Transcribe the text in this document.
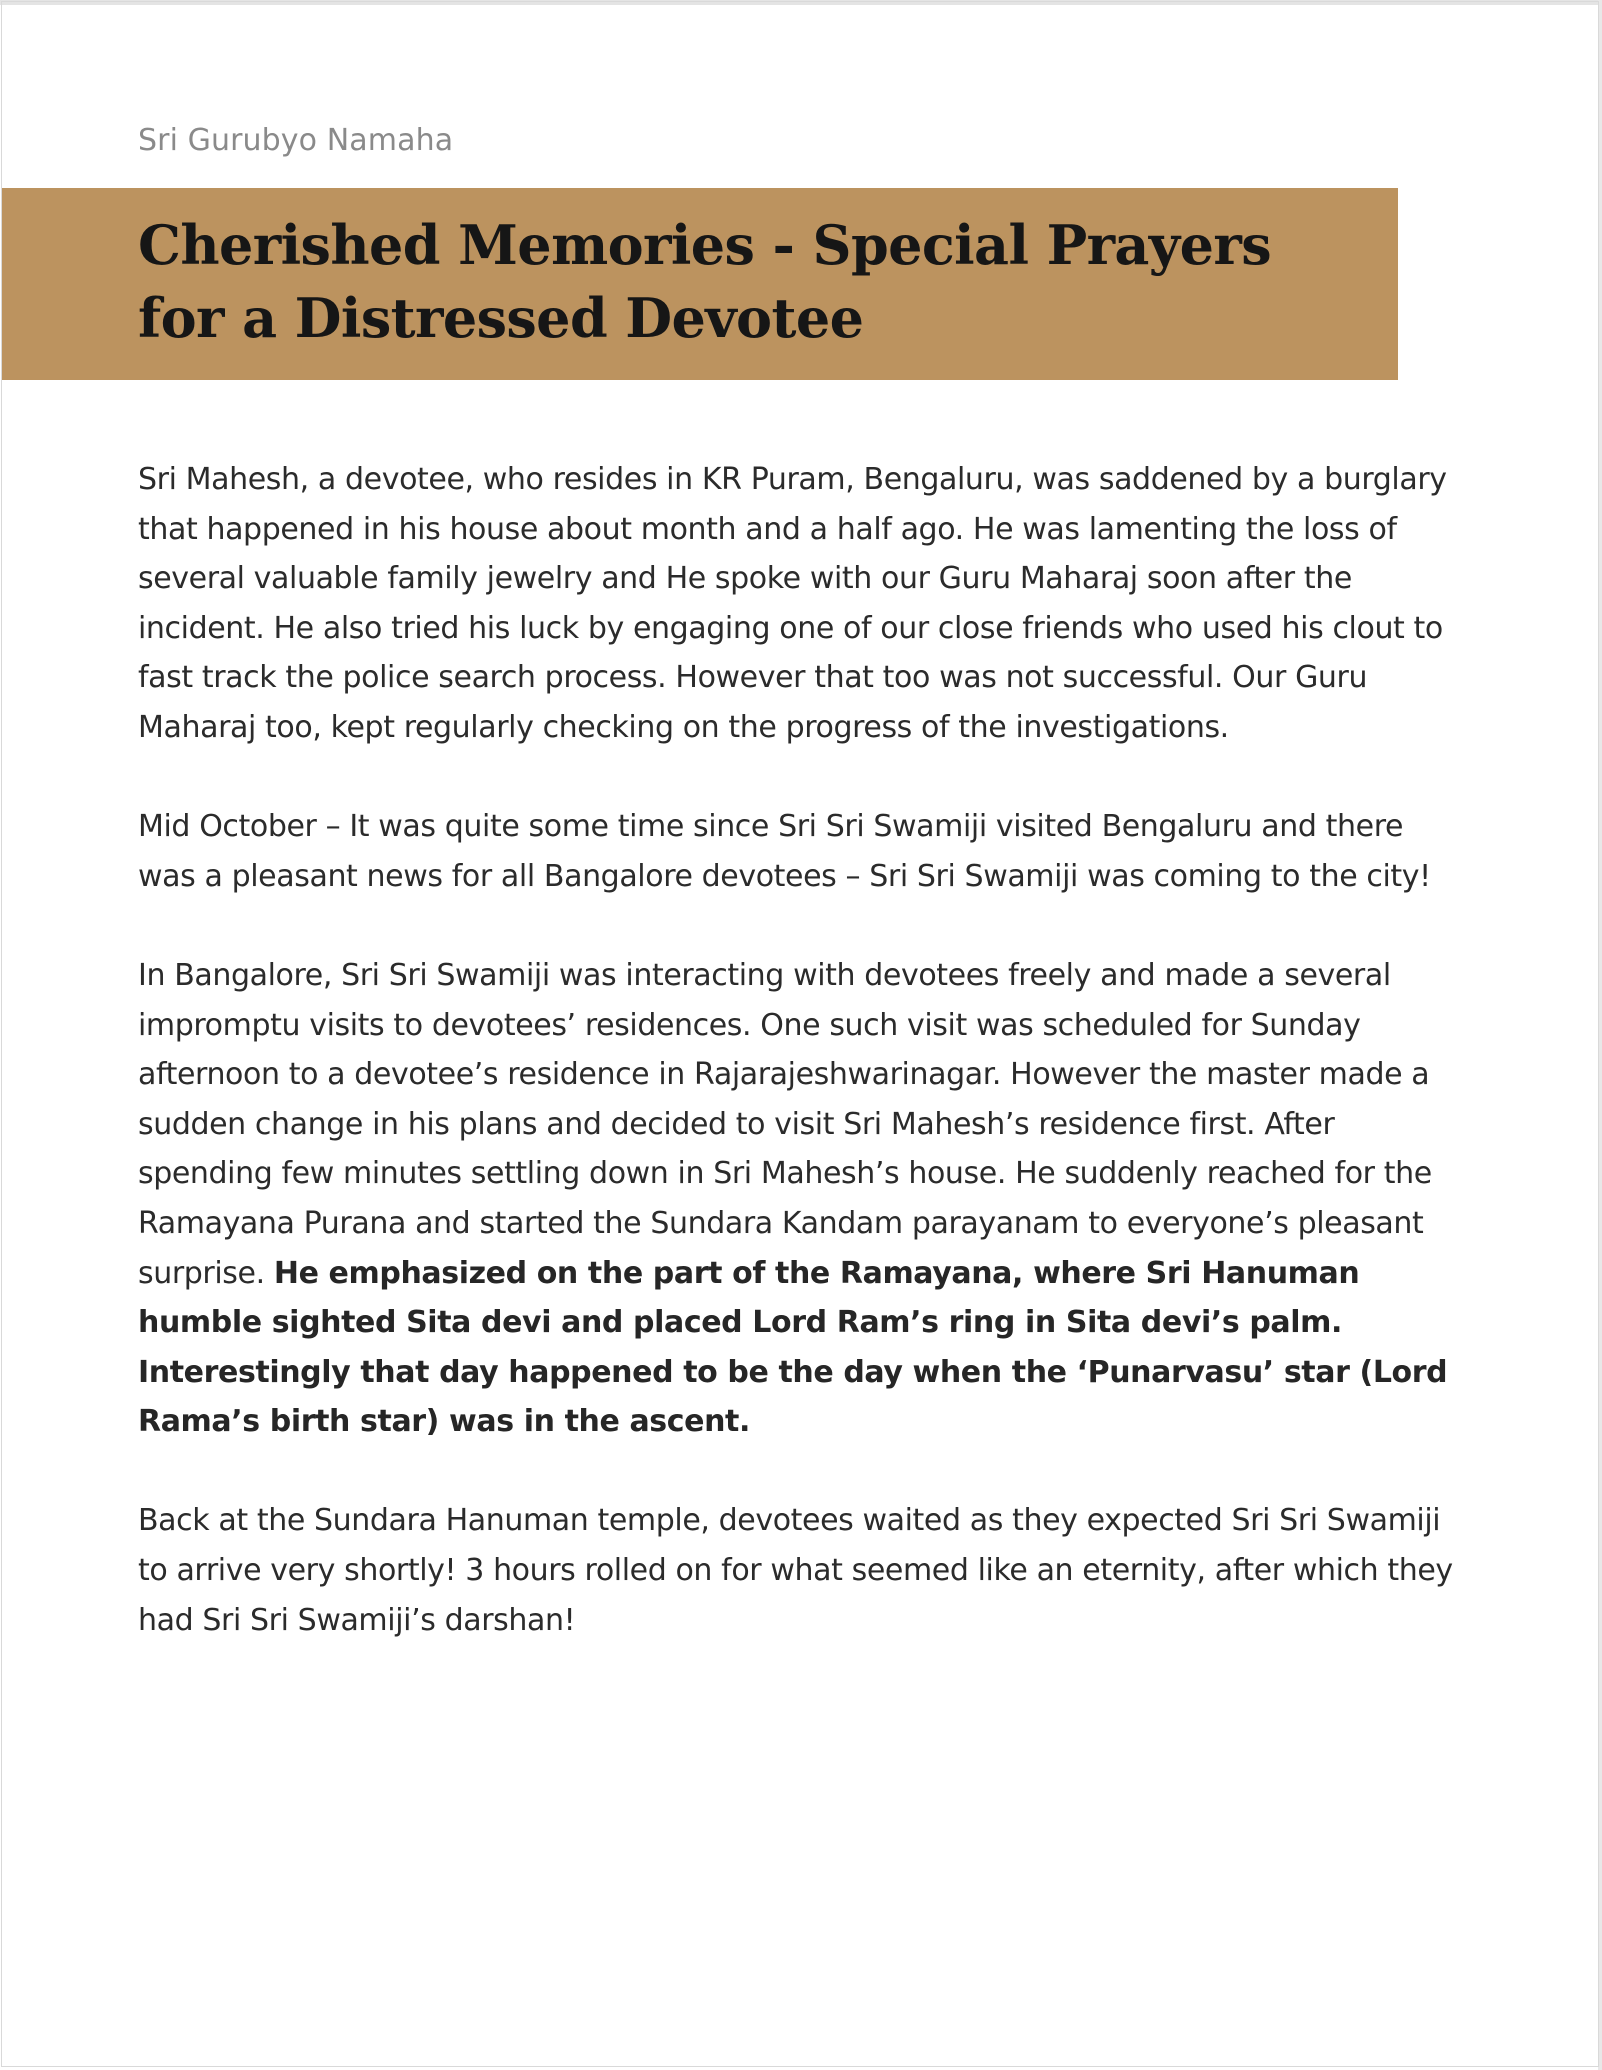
Sri Gurubyo Namaha
Cherished Memories - Special Prayers for a Distressed Devotee

Sri Mahesh, a devotee, who resides in KR Puram, Bengaluru, was saddened by a burglary that happened in his house about month and a half ago. He was lamenting the loss of several valuable family jewelry and He spoke with our Guru Maharaj soon after the incident. He also tried his luck by engaging one of our close friends who used his clout to fast track the police search process. However that too was not successful. Our Guru Maharaj too, kept regularly checking on the progress of the investigations.

Mid October – It was quite some time since Sri Sri Swamiji visited Bengaluru and there was a pleasant news for all Bangalore devotees – Sri Sri Swamiji was coming to the city!

In Bangalore, Sri Sri Swamiji was interacting with devotees freely and made a several impromptu visits to devotees’ residences. One such visit was scheduled for Sunday afternoon to a devotee’s residence in Rajarajeshwarinagar. However the master made a sudden change in his plans and decided to visit Sri Mahesh’s residence first. After spending few minutes settling down in Sri Mahesh’s house. He suddenly reached for the Ramayana Purana and started the Sundara Kandam parayanam to everyone’s pleasant surprise. He emphasized on the part of the Ramayana, where Sri Hanuman humble sighted Sita devi and placed Lord Ram’s ring in Sita devi’s palm. Interestingly that day happened to be the day when the ‘Punarvasu’ star (Lord Rama’s birth star) was in the ascent.

Back at the Sundara Hanuman temple, devotees waited as they expected Sri Sri Swamiji to arrive very shortly! 3 hours rolled on for what seemed like an eternity, after which they had Sri Sri Swamiji’s darshan!
